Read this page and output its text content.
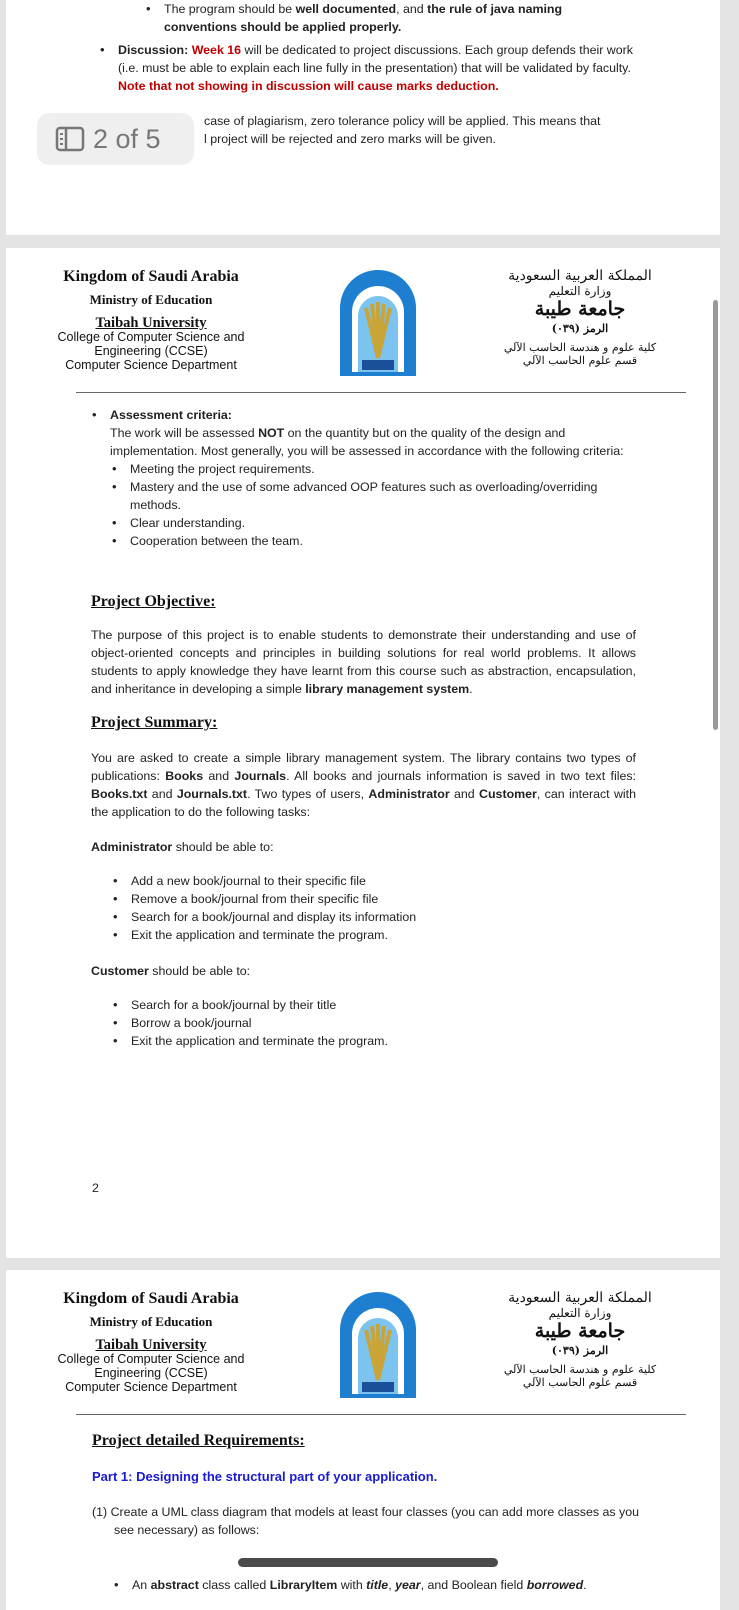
• The program should be well documented, and the rule of java naming conventions should be applied properly.
• Discussion: Week 16 will be dedicated to project discussions. Each group defends their work (i.e. must be able to explain each line fully in the presentation) that will be validated by faculty. Note that not showing in discussion will cause marks deduction.
case of plagiarism, zero tolerance policy will be applied. This means that
l project will be rejected and zero marks will be given.
Kingdom of Saudi Arabia
Ministry of Education
Taibah University
College of Computer Science and Engineering (CCSE)
Computer Science Department
المملكة العربية السعودية
وزارة التعليم
جامعة طيبة
الرمز (٠٣٩)
كلية علوم و هندسة الحاسب الآلي
قسم علوم الحاسب الآلي
• Assessment criteria:
The work will be assessed NOT on the quantity but on the quality of the design and implementation. Most generally, you will be assessed in accordance with the following criteria:
• Meeting the project requirements.
• Mastery and the use of some advanced OOP features such as overloading/overriding methods.
• Clear understanding.
• Cooperation between the team.
Project Objective:
The purpose of this project is to enable students to demonstrate their understanding and use of object-oriented concepts and principles in building solutions for real world problems. It allows students to apply knowledge they have learnt from this course such as abstraction, encapsulation, and inheritance in developing a simple library management system.
Project Summary:
You are asked to create a simple library management system. The library contains two types of publications: Books and Journals. All books and journals information is saved in two text files: Books.txt and Journals.txt. Two types of users, Administrator and Customer, can interact with the application to do the following tasks:
Administrator should be able to:
• Add a new book/journal to their specific file
• Remove a book/journal from their specific file
• Search for a book/journal and display its information
• Exit the application and terminate the program.
Customer should be able to:
• Search for a book/journal by their title
• Borrow a book/journal
• Exit the application and terminate the program.
2
Kingdom of Saudi Arabia
Ministry of Education
Taibah University
College of Computer Science and Engineering (CCSE)
Computer Science Department
المملكة العربية السعودية
وزارة التعليم
جامعة طيبة
الرمز (٠٣٩)
كلية علوم و هندسة الحاسب الآلي
قسم علوم الحاسب الآلي
Project detailed Requirements:
Part 1: Designing the structural part of your application.
(1) Create a UML class diagram that models at least four classes (you can add more classes as you see necessary) as follows:
• An abstract class called LibraryItem with title, year, and Boolean field borrowed.
2 of 5
